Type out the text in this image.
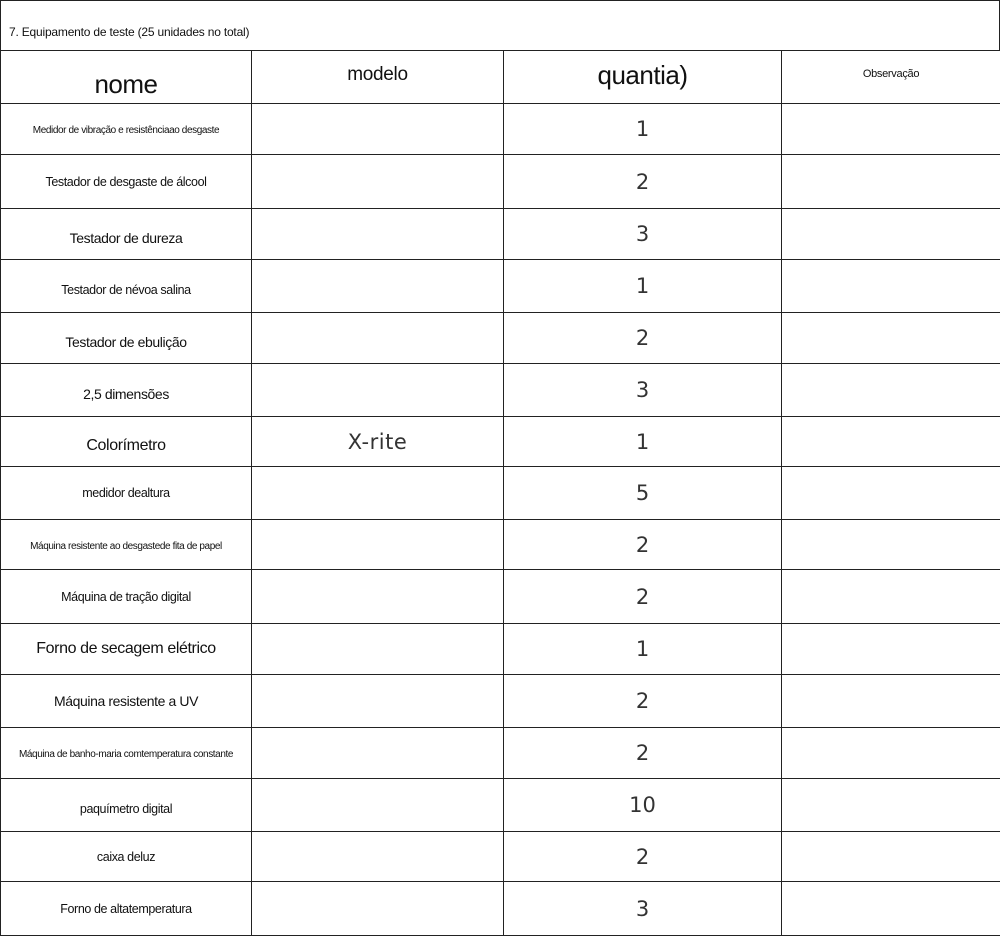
7. Equipamento de teste (25 unidades no total)
nome	modelo	quantia)	Observação
Medidor de vibração e resistênciaao desgaste		1	
Testador de desgaste de álcool		2	
Testador de dureza		3	
Testador de névoa salina		1	
Testador de ebulição		2	
2,5 dimensões		3	
Colorímetro	X-rite	1	
medidor dealtura		5	
Máquina resistente ao desgastede fita de papel		2	
Máquina de tração digital		2	
Forno de secagem elétrico		1	
Máquina resistente a UV		2	
Máquina de banho-maria comtemperatura constante		2	
paquímetro digital		10	
caixa deluz		2	
Forno de altatemperatura		3	
